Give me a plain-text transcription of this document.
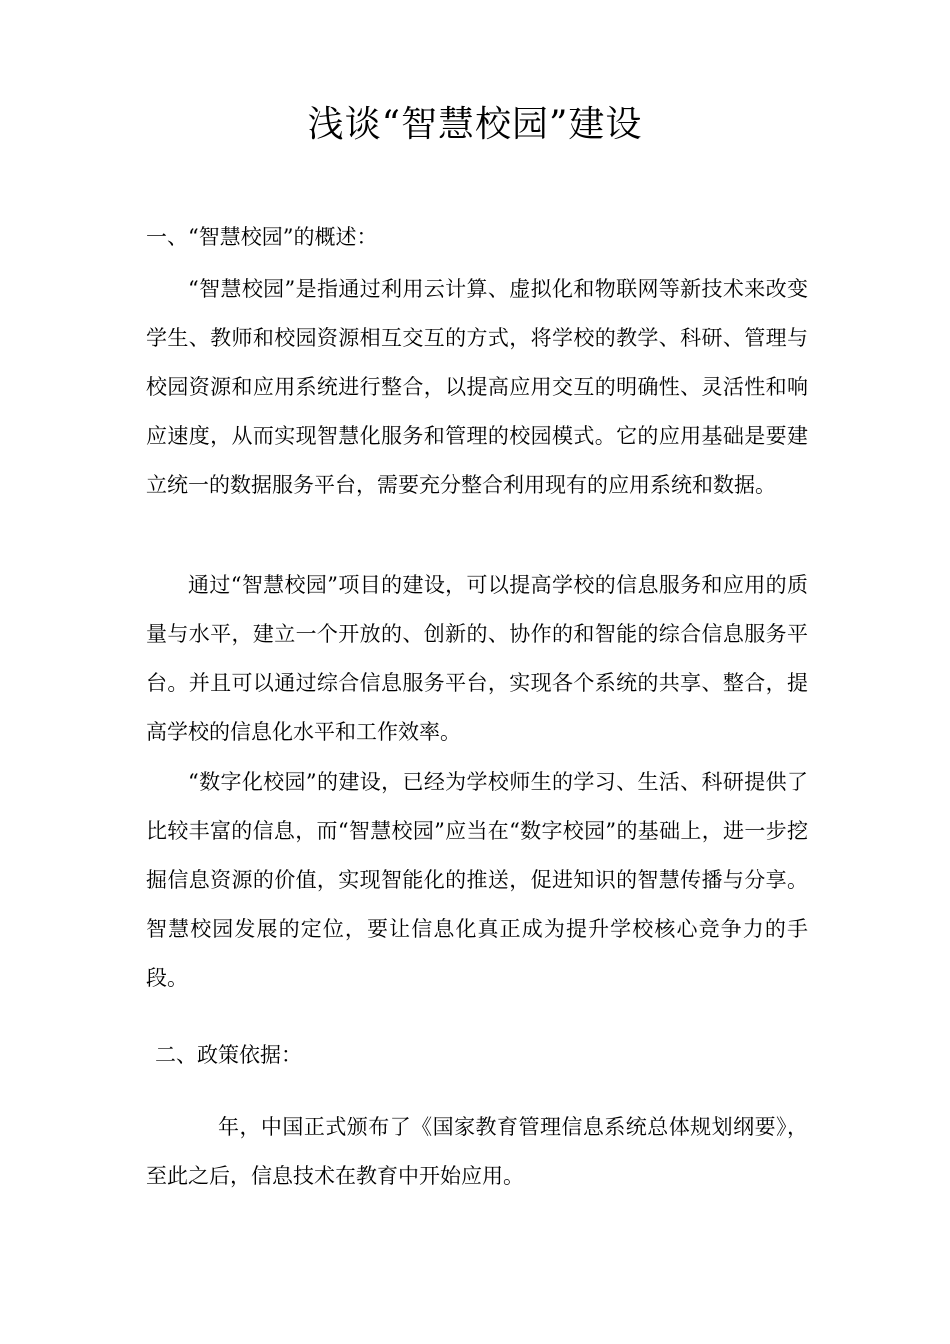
浅谈“智慧校园”建设
一、“智慧校园”的概述：
“智慧校园”是指通过利用云计算、虚拟化和物联网等新技术来改变学生、教师和校园资源相互交互的方式，将学校的教学、科研、管理与校园资源和应用系统进行整合，以提高应用交互的明确性、灵活性和响应速度，从而实现智慧化服务和管理的校园模式。它的应用基础是要建立统一的数据服务平台，需要充分整合利用现有的应用系统和数据。
通过“智慧校园”项目的建设，可以提高学校的信息服务和应用的质量与水平，建立一个开放的、创新的、协作的和智能的综合信息服务平台。并且可以通过综合信息服务平台，实现各个系统的共享、整合，提高学校的信息化水平和工作效率。
“数字化校园”的建设，已经为学校师生的学习、生活、科研提供了比较丰富的信息，而“智慧校园”应当在“数字校园”的基础上，进一步挖掘信息资源的价值，实现智能化的推送，促进知识的智慧传播与分享。智慧校园发展的定位，要让信息化真正成为提升学校核心竞争力的手段。
二、政策依据：
年，中国正式颁布了《国家教育管理信息系统总体规划纲要》，至此之后，信息技术在教育中开始应用。
